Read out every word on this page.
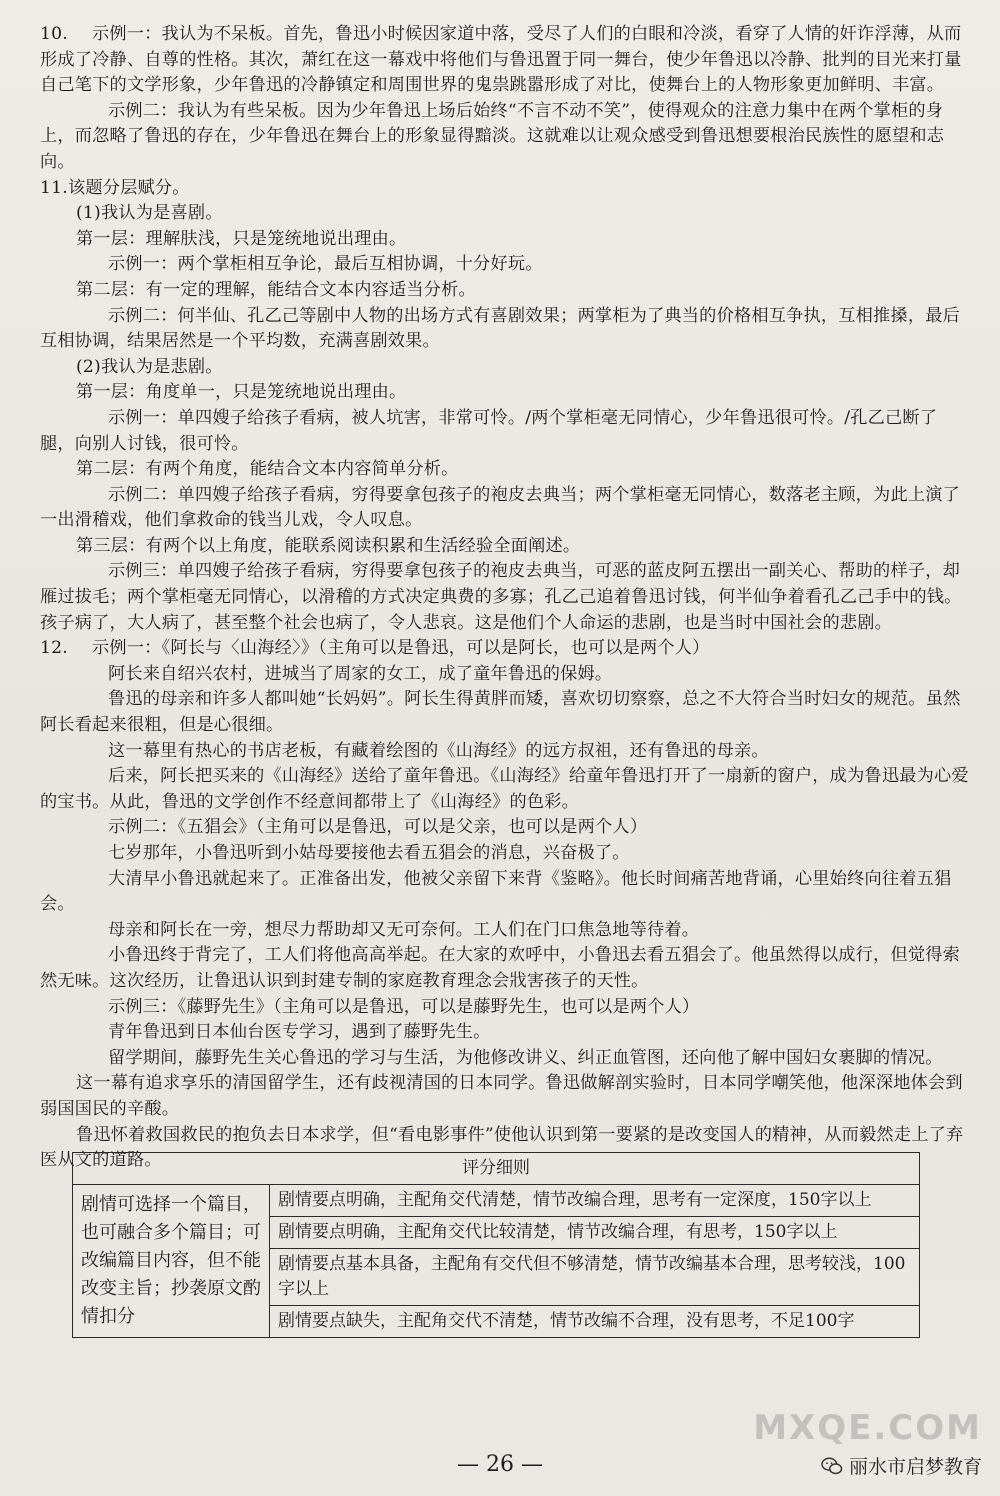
10. 示例一：我认为不呆板。首先，鲁迅小时候因家道中落，受尽了人们的白眼和冷淡，看穿了人情的奸诈浮薄，从而形成了冷静、自尊的性格。其次，萧红在这一幕戏中将他们与鲁迅置于同一舞台，使少年鲁迅以冷静、批判的目光来打量自己笔下的文学形象，少年鲁迅的冷静镇定和周围世界的鬼祟跳嚣形成了对比，使舞台上的人物形象更加鲜明、丰富。

示例二：我认为有些呆板。因为少年鲁迅上场后始终“不言不动不笑”，使得观众的注意力集中在两个掌柜的身上，而忽略了鲁迅的存在，少年鲁迅在舞台上的形象显得黯淡。这就难以让观众感受到鲁迅想要根治民族性的愿望和志向。

11.该题分层赋分。

(1)我认为是喜剧。

第一层：理解肤浅，只是笼统地说出理由。

示例一：两个掌柜相互争论，最后互相协调，十分好玩。

第二层：有一定的理解，能结合文本内容适当分析。

示例二：何半仙、孔乙己等剧中人物的出场方式有喜剧效果；两掌柜为了典当的价格相互争执，互相推搡，最后互相协调，结果居然是一个平均数，充满喜剧效果。

(2)我认为是悲剧。

第一层：角度单一，只是笼统地说出理由。

示例一：单四嫂子给孩子看病，被人坑害，非常可怜。/两个掌柜毫无同情心，少年鲁迅很可怜。/孔乙己断了腿，向别人讨钱，很可怜。

第二层：有两个角度，能结合文本内容简单分析。

示例二：单四嫂子给孩子看病，穷得要拿包孩子的袍皮去典当；两个掌柜毫无同情心，数落老主顾，为此上演了一出滑稽戏，他们拿救命的钱当儿戏，令人叹息。

第三层：有两个以上角度，能联系阅读积累和生活经验全面阐述。

示例三：单四嫂子给孩子看病，穷得要拿包孩子的袍皮去典当，可恶的蓝皮阿五摆出一副关心、帮助的样子，却雁过拔毛；两个掌柜毫无同情心，以滑稽的方式决定典费的多寡；孔乙己追着鲁迅讨钱，何半仙争着看孔乙己手中的钱。孩子病了，大人病了，甚至整个社会也病了，令人悲哀。这是他们个人命运的悲剧，也是当时中国社会的悲剧。

12. 示例一：《阿长与〈山海经〉》（主角可以是鲁迅，可以是阿长，也可以是两个人）

阿长来自绍兴农村，进城当了周家的女工，成了童年鲁迅的保姆。

鲁迅的母亲和许多人都叫她“长妈妈”。阿长生得黄胖而矮，喜欢切切察察，总之不大符合当时妇女的规范。虽然阿长看起来很粗，但是心很细。

这一幕里有热心的书店老板，有藏着绘图的《山海经》的远方叔祖，还有鲁迅的母亲。

后来，阿长把买来的《山海经》送给了童年鲁迅。《山海经》给童年鲁迅打开了一扇新的窗户，成为鲁迅最为心爱的宝书。从此，鲁迅的文学创作不经意间都带上了《山海经》的色彩。

示例二：《五猖会》（主角可以是鲁迅，可以是父亲，也可以是两个人）

七岁那年，小鲁迅听到小姑母要接他去看五猖会的消息，兴奋极了。

大清早小鲁迅就起来了。正准备出发，他被父亲留下来背《鉴略》。他长时间痛苦地背诵，心里始终向往着五猖会。

母亲和阿长在一旁，想尽力帮助却又无可奈何。工人们在门口焦急地等待着。

小鲁迅终于背完了，工人们将他高高举起。在大家的欢呼中，小鲁迅去看五猖会了。他虽然得以成行，但觉得索然无味。这次经历，让鲁迅认识到封建专制的家庭教育理念会戕害孩子的天性。

示例三：《藤野先生》（主角可以是鲁迅，可以是藤野先生，也可以是两个人）

青年鲁迅到日本仙台医专学习，遇到了藤野先生。

留学期间，藤野先生关心鲁迅的学习与生活，为他修改讲义、纠正血管图，还向他了解中国妇女裹脚的情况。

这一幕有追求享乐的清国留学生，还有歧视清国的日本同学。鲁迅做解剖实验时，日本同学嘲笑他，他深深地体会到弱国国民的辛酸。

鲁迅怀着救国救民的抱负去日本求学，但“看电影事件”使他认识到第一要紧的是改变国人的精神，从而毅然走上了弃医从文的道路。	评分细则
剧情可选择一个篇目，也可融合多个篇目；可改编篇目内容，但不能改变主旨；抄袭原文酌情扣分	剧情要点明确，主配角交代清楚，情节改编合理，思考有一定深度，150字以上
剧情要点明确，主配角交代比较清楚，情节改编合理，有思考，150字以上
剧情要点基本具备，主配角有交代但不够清楚，情节改编基本合理，思考较浅，100字以上
剧情要点缺失，主配角交代不清楚，情节改编不合理，没有思考，不足100字
MXQE.COM
— 26 —	丽水市启梦教育
